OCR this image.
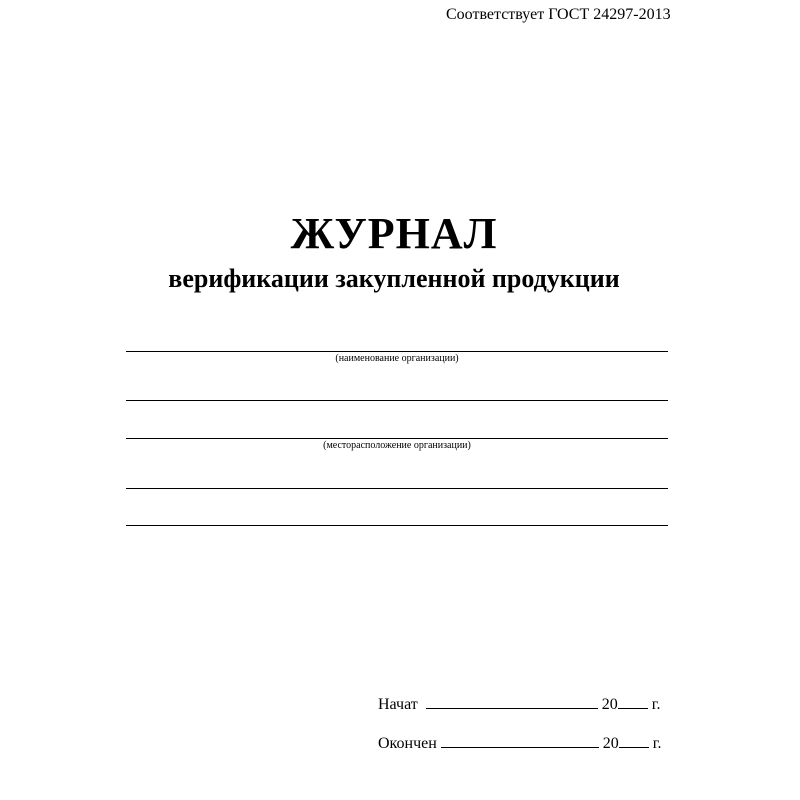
Соответствует ГОСТ 24297-2013
ЖУРНАЛ
верификации закупленной продукции
(наименование организации)
(месторасположение организации)
Начат	20 г.
Окончен	20 г.
